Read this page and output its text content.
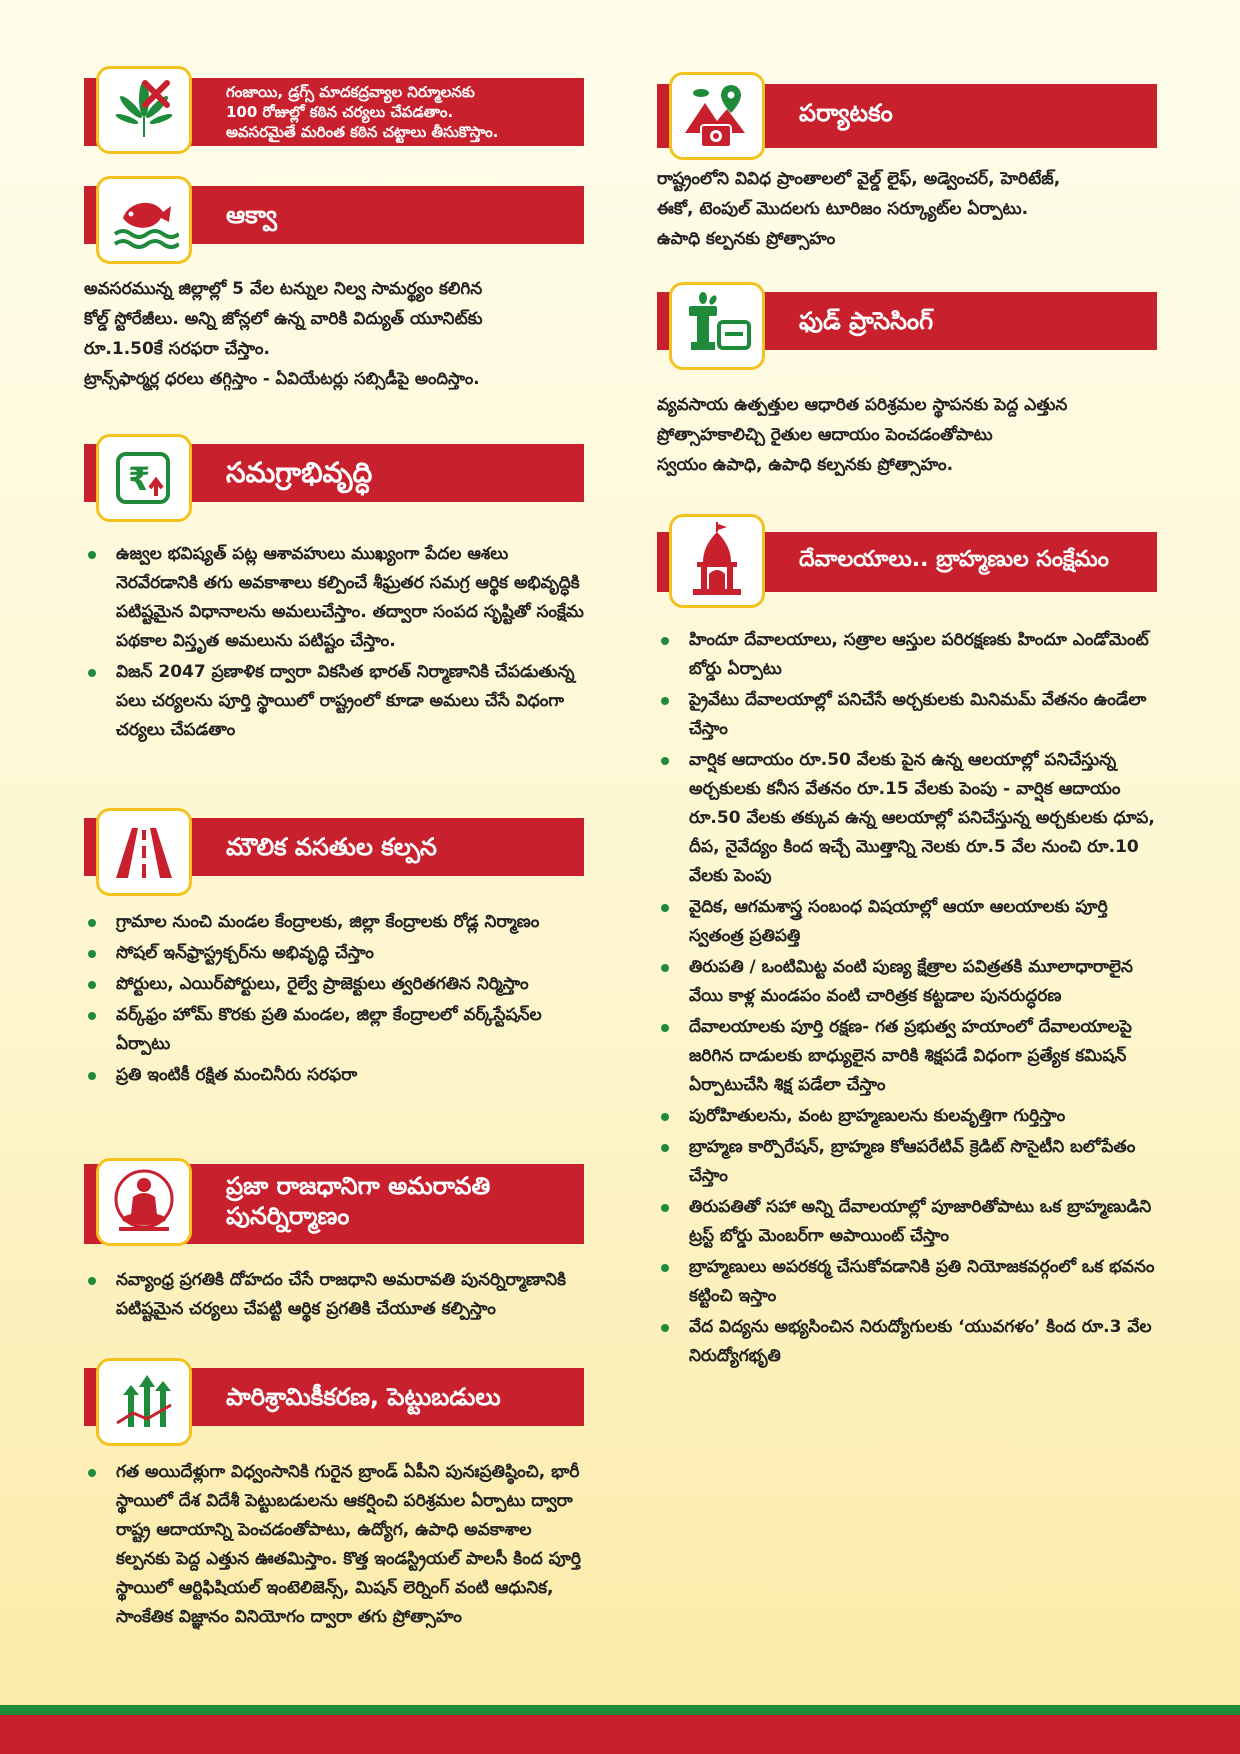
గంజాయి, డ్రగ్స్ మాదకద్రవ్యాల నిర్మూలనకు
100 రోజుల్లో కఠిన చర్యలు చేపడతాం.
అవసరమైతే మరింత కఠిన చట్టాలు తీసుకొస్తాం.
ఆక్వా

అవసరమున్న జిల్లాల్లో 5 వేల టన్నుల నిల్వ సామర్థ్యం కలిగిన

కోల్డ్ స్టోరేజీలు. అన్ని జోన్లలో ఉన్న వారికి విద్యుత్ యూనిట్‌కు

రూ.1.50కే సరఫరా చేస్తాం.

ట్రాన్స్‌ఫార్మర్ల ధరలు తగ్గిస్తాం - ఏవియేటర్లు సబ్సిడీపై అందిస్తాం.

₹	సమగ్రాభివృద్ధి
ఉజ్వల భవిష్యత్ పట్ల ఆశావహులు ముఖ్యంగా పేదల ఆశలు నెరవేరడానికి తగు అవకాశాలు కల్పించే శీఘ్రతర సమగ్ర ఆర్థిక అభివృద్ధికి పటిష్టమైన విధానాలను అమలుచేస్తాం. తద్వారా సంపద సృష్టితో సంక్షేమ పథకాల విస్తృత అమలును పటిష్టం చేస్తాం.
విజన్ 2047 ప్రణాళిక ద్వారా వికసిత భారత్ నిర్మాణానికి చేపడుతున్న పలు చర్యలను పూర్తి స్థాయిలో రాష్ట్రంలో కూడా అమలు చేసే విధంగా చర్యలు చేపడతాం
మౌలిక వసతుల కల్పన
గ్రామాల నుంచి మండల కేంద్రాలకు, జిల్లా కేంద్రాలకు రోడ్ల నిర్మాణం
సోషల్ ఇన్‌ఫ్రాస్ట్రక్చర్‌ను అభివృద్ధి చేస్తాం
పోర్టులు, ఎయిర్‌పోర్టులు, రైల్వే ప్రాజెక్టులు త్వరితగతిన నిర్మిస్తాం
వర్క్‌ఫ్రం హోమ్ కొరకు ప్రతి మండల, జిల్లా కేంద్రాలలో వర్క్‌స్టేషన్‌ల ఏర్పాటు
ప్రతి ఇంటికీ రక్షిత మంచినీరు సరఫరా
ప్రజా రాజధానిగా అమరావతి
పునర్నిర్మాణం
నవ్యాంధ్ర ప్రగతికి దోహదం చేసే రాజధాని అమరావతి పునర్నిర్మాణానికి పటిష్టమైన చర్యలు చేపట్టి ఆర్థిక ప్రగతికి చేయూత కల్పిస్తాం
పారిశ్రామికీకరణ, పెట్టుబడులు
గత అయిదేళ్లుగా విధ్వంసానికి గురైన బ్రాండ్ ఏపీని పునఃప్రతిష్ఠించి, భారీ స్థాయిలో దేశ విదేశీ పెట్టుబడులను ఆకర్షించి పరిశ్రమల ఏర్పాటు ద్వారా రాష్ట్ర ఆదాయాన్ని పెంచడంతోపాటు, ఉద్యోగ, ఉపాధి అవకాశాల కల్పనకు పెద్ద ఎత్తున ఊతమిస్తాం. కొత్త ఇండస్ట్రియల్ పాలసీ కింద పూర్తి స్థాయిలో ఆర్టిఫిషియల్ ఇంటెలిజెన్స్, మిషన్ లెర్నింగ్ వంటి ఆధునిక, సాంకేతిక విజ్ఞానం వినియోగం ద్వారా తగు ప్రోత్సాహం
పర్యాటకం

రాష్ట్రంలోని వివిధ ప్రాంతాలలో వైల్డ్ లైఫ్, అడ్వెంచర్, హెరిటేజ్,

ఈకో, టెంపుల్ మొదలగు టూరిజం సర్క్యూట్‌ల ఏర్పాటు.

ఉపాధి కల్పనకు ప్రోత్సాహం

ఫుడ్ ప్రాసెసింగ్

వ్యవసాయ ఉత్పత్తుల ఆధారిత పరిశ్రమల స్థాపనకు పెద్ద ఎత్తున

ప్రోత్సాహకాలిచ్చి రైతుల ఆదాయం పెంచడంతోపాటు

స్వయం ఉపాధి, ఉపాధి కల్పనకు ప్రోత్సాహం.

దేవాలయాలు.. బ్రాహ్మణుల సంక్షేమం
హిందూ దేవాలయాలు, సత్రాల ఆస్తుల పరిరక్షణకు హిందూ ఎండోమెంట్ బోర్డు ఏర్పాటు
ప్రైవేటు దేవాలయాల్లో పనిచేసే అర్చకులకు మినిమమ్ వేతనం ఉండేలా చేస్తాం
వార్షిక ఆదాయం రూ.50 వేలకు పైన ఉన్న ఆలయాల్లో పనిచేస్తున్న అర్చకులకు కనీస వేతనం రూ.15 వేలకు పెంపు - వార్షిక ఆదాయం రూ.50 వేలకు తక్కువ ఉన్న ఆలయాల్లో పనిచేస్తున్న అర్చకులకు ధూప, దీప, నైవేద్యం కింద ఇచ్చే మొత్తాన్ని నెలకు రూ.5 వేల నుంచి రూ.10 వేలకు పెంపు
వైదిక, ఆగమశాస్త్ర సంబంధ విషయాల్లో ఆయా ఆలయాలకు పూర్తి స్వతంత్ర ప్రతిపత్తి
తిరుపతి / ఒంటిమిట్ట వంటి పుణ్య క్షేత్రాల పవిత్రతకి మూలాధారాలైన వేయి కాళ్ల మండపం వంటి చారిత్రక కట్టడాల పునరుద్ధరణ
దేవాలయాలకు పూర్తి రక్షణ- గత ప్రభుత్వ హయాంలో దేవాలయాలపై జరిగిన దాడులకు బాధ్యులైన వారికి శిక్షపడే విధంగా ప్రత్యేక కమిషన్ ఏర్పాటుచేసి శిక్ష పడేలా చేస్తాం
పురోహితులను, వంట బ్రాహ్మణులను కులవృత్తిగా గుర్తిస్తాం
బ్రాహ్మణ కార్పొరేషన్, బ్రాహ్మణ కోఆపరేటివ్ క్రెడిట్ సొసైటీని బలోపేతం చేస్తాం
తిరుపతితో సహా అన్ని దేవాలయాల్లో పూజారితోపాటు ఒక బ్రాహ్మణుడిని ట్రస్ట్ బోర్డు మెంబర్‌గా అపాయింట్ చేస్తాం
బ్రాహ్మణులు అపరకర్మ చేసుకోవడానికి ప్రతి నియోజకవర్గంలో ఒక భవనం కట్టించి ఇస్తాం
వేద విద్యను అభ్యసించిన నిరుద్యోగులకు ‘యువగళం’ కింద రూ.3 వేల నిరుద్యోగభృతి
